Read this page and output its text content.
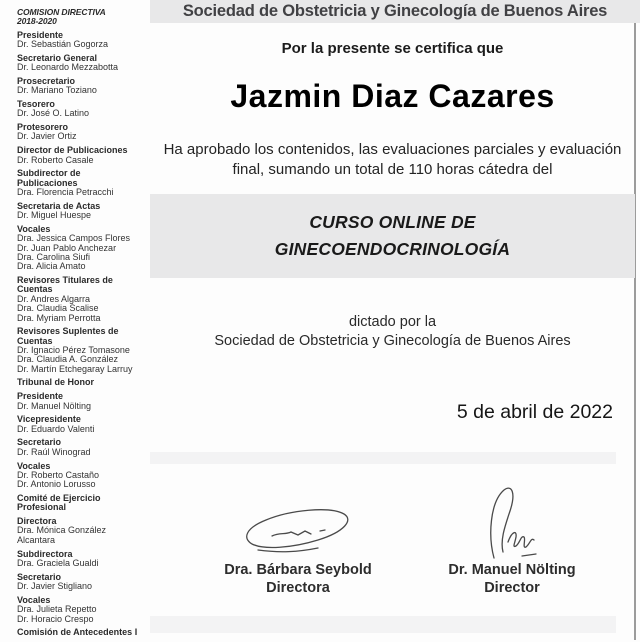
Sociedad de Obstetricia y Ginecología de Buenos Aires
COMISION DIRECTIVA
2018-2020
Presidente
Dr. Sebastián Gogorza
Secretario General
Dr. Leonardo Mezzabotta
Prosecretario
Dr. Mariano Toziano
Tesorero
Dr. José O. Latino
Protesorero
Dr. Javier Ortiz
Director de Publicaciones
Dr. Roberto Casale
Subdirector de Publicaciones
Dra. Florencia Petracchi
Secretaria de Actas
Dr. Miguel Huespe
Vocales
Dra. Jessica Campos Flores
Dr. Juan Pablo Anchezar
Dra. Carolina Siufi
Dra. Alicia Amato
Revisores Titulares de Cuentas
Dr. Andres Algarra
Dra. Claudia Scalise
Dra. Myriam Perrotta
Revisores Suplentes de Cuentas
Dr. Ignacio Pérez Tomasone
Dra. Claudia A. González
Dr. Martín Etchegaray Larruy
Tribunal de Honor
Presidente
Dr. Manuel Nölting
Vicepresidente
Dr. Eduardo Valenti
Secretario
Dr. Raúl Winograd
Vocales
Dr. Roberto Castaño
Dr. Antonio Lorusso
Comité de Ejercicio Profesional
Directora
Dra. Mónica González Alcantara
Subdirectora
Dra. Graciela Gualdi
Secretario
Dr. Javier Stigliano
Vocales
Dra. Julieta Repetto
Dr. Horacio Crespo
Comisión de Antecedentes I
Por la presente se certifica que
Jazmin Diaz Cazares
Ha aprobado los contenidos, las evaluaciones parciales y evaluación final, sumando un total de 110 horas cátedra del
CURSO ONLINE DE
GINECOENDOCRINOLOGÍA
dictado por la
Sociedad de Obstetricia y Ginecología de Buenos Aires
5 de abril de 2022
Dra. Bárbara Seybold
Directora
Dr. Manuel Nölting
Director
